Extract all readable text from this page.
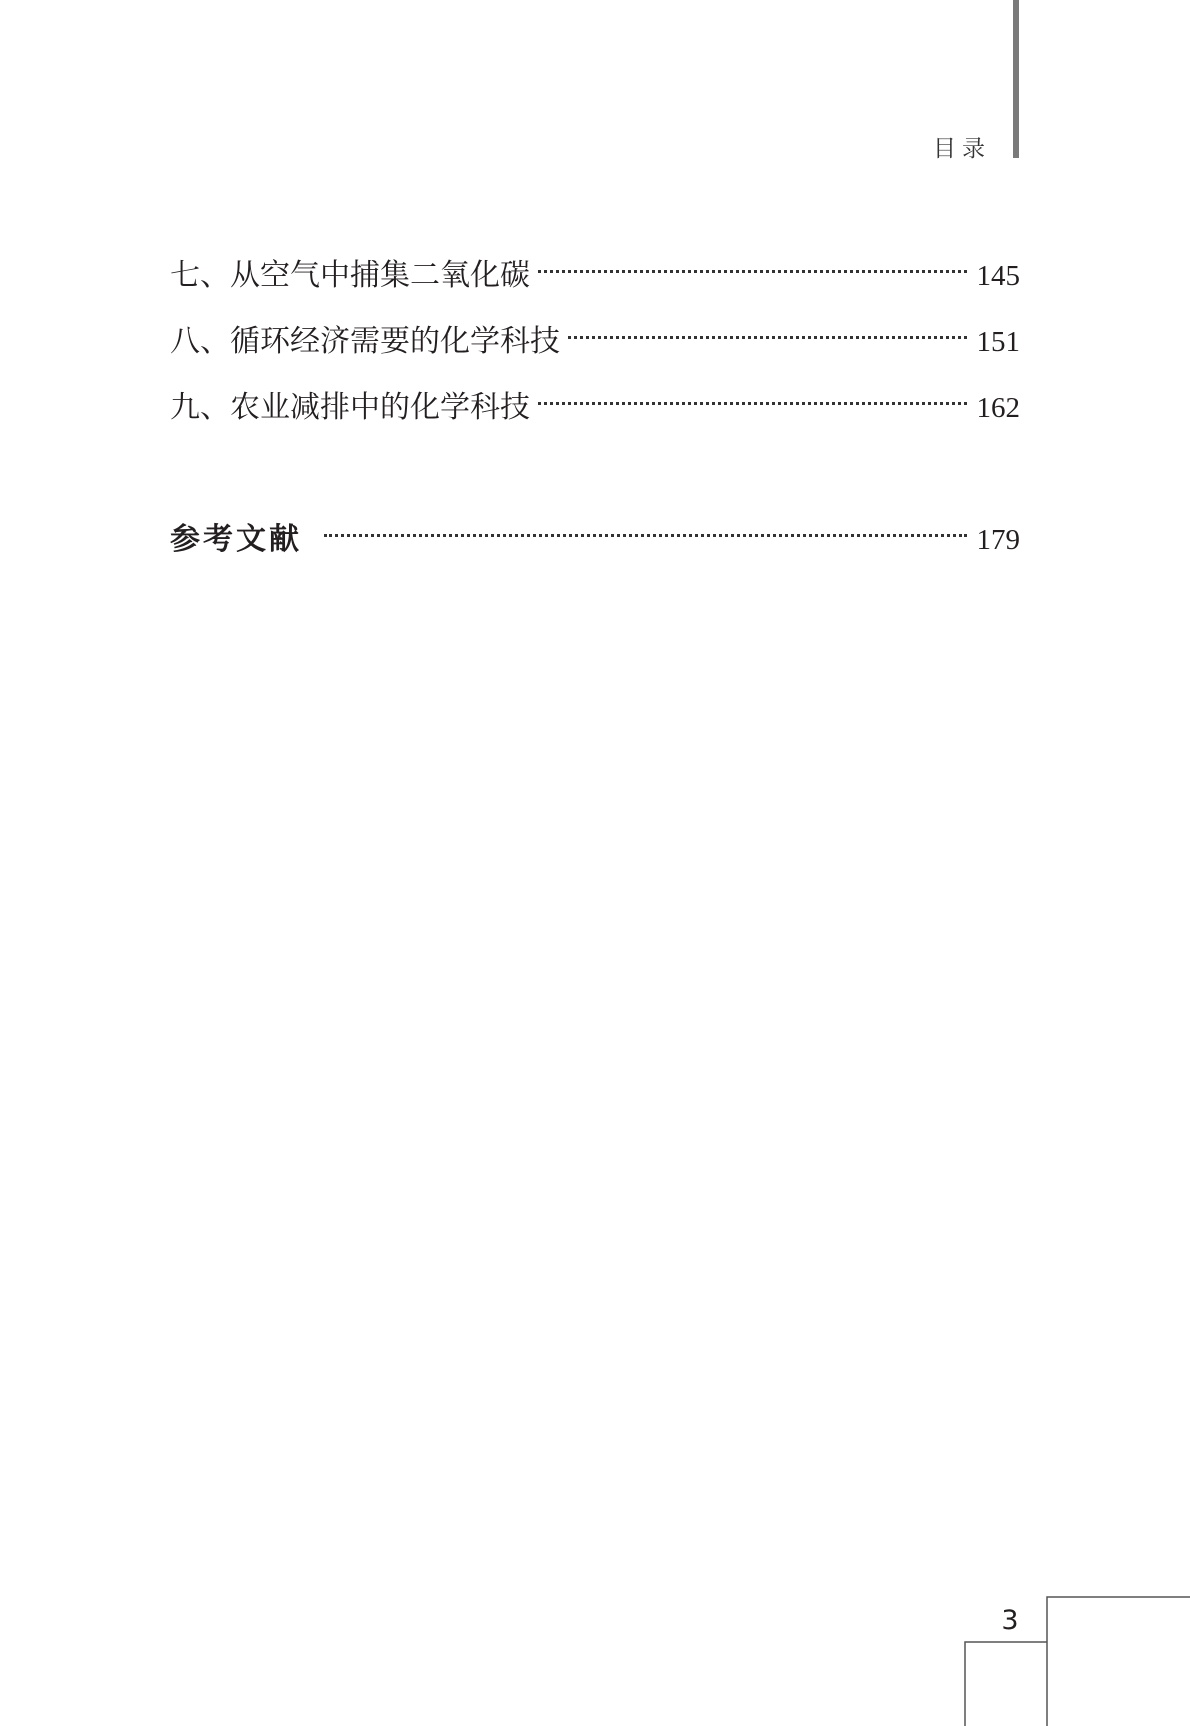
目录
七、从空气中捕集二氧化碳	145
八、循环经济需要的化学科技	151
九、农业减排中的化学科技	162
参考文献	179
3
